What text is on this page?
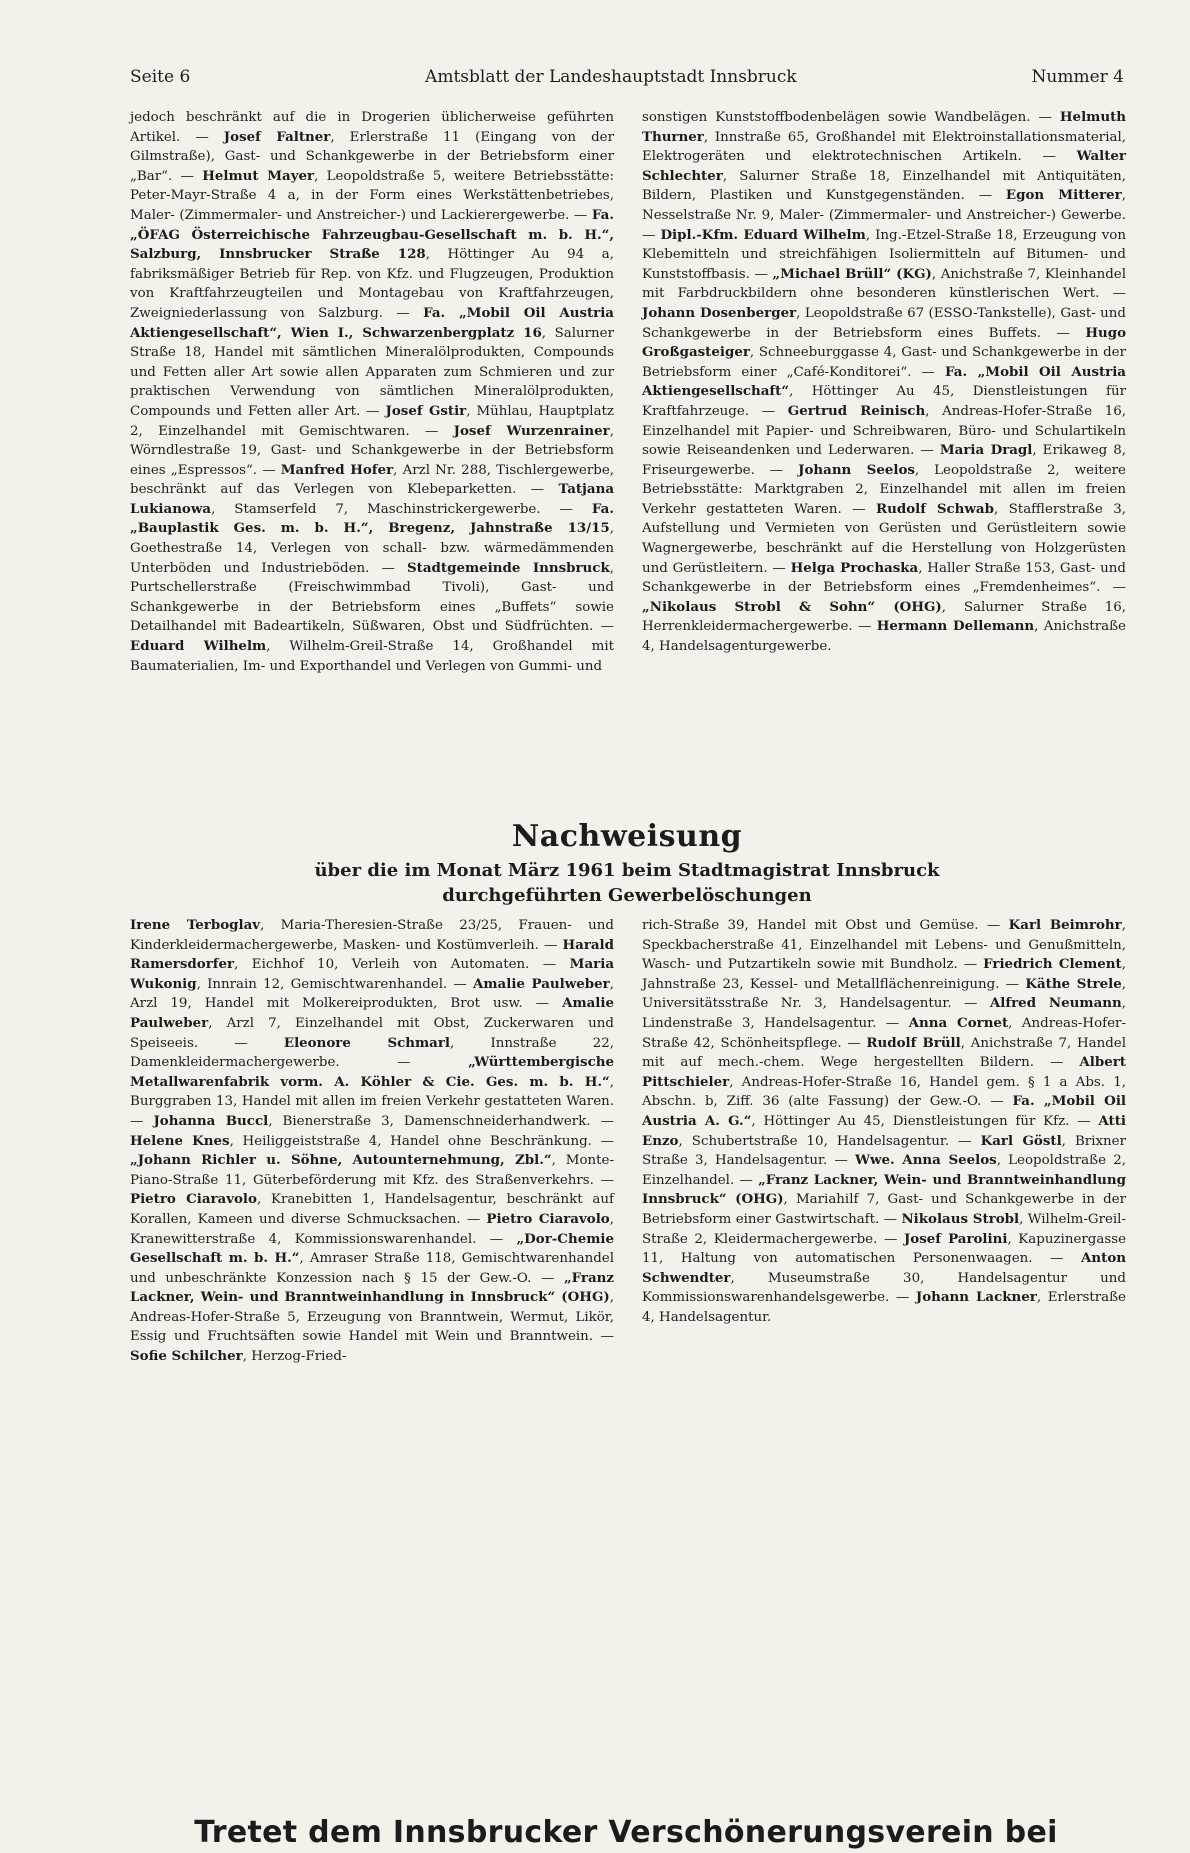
Seite 6	Amtsblatt der Landeshauptstadt Innsbruck	Nummer 4

jedoch beschränkt auf die in Drogerien üblicherweise geführten Artikel. — Josef Faltner, Erlerstraße 11 (Eingang von der Gilmstraße), Gast- und Schankgewerbe in der Betriebsform einer „Bar“. — Helmut Mayer, Leopoldstraße 5, weitere Betriebsstätte: Peter-Mayr-Straße 4 a, in der Form eines Werkstättenbetriebes, Maler- (Zimmermaler- und Anstreicher-) und Lackierergewerbe. — Fa. „ÖFAG Österreichische Fahrzeugbau-Gesellschaft m. b. H.“, Salzburg, Innsbrucker Straße 128, Höttinger Au 94 a, fabriksmäßiger Betrieb für Rep. von Kfz. und Flugzeugen, Produktion von Kraftfahrzeugteilen und Montagebau von Kraftfahrzeugen, Zweigniederlassung von Salzburg. — Fa. „Mobil Oil Austria Aktiengesellschaft“, Wien I., Schwarzenbergplatz 16, Salurner Straße 18, Handel mit sämtlichen Mineralölprodukten, Compounds und Fetten aller Art sowie allen Apparaten zum Schmieren und zur praktischen Verwendung von sämtlichen Mineralölprodukten, Compounds und Fetten aller Art. — Josef Gstir, Mühlau, Hauptplatz 2, Einzelhandel mit Gemischtwaren. — Josef Wurzenrainer, Wörndlestraße 19, Gast- und Schankgewerbe in der Betriebsform eines „Espressos“. — Manfred Hofer, Arzl Nr. 288, Tischlergewerbe, beschränkt auf das Verlegen von Klebeparketten. — Tatjana Lukianowa, Stamserfeld 7, Maschinstrickergewerbe. — Fa. „Bauplastik Ges. m. b. H.“, Bregenz, Jahnstraße 13/15, Goethestraße 14, Verlegen von schall- bzw. wärmedämmenden Unterböden und Industrieböden. — Stadtgemeinde Innsbruck, Purtschellerstraße (Freischwimmbad Tivoli), Gast- und Schankgewerbe in der Betriebsform eines „Buffets“ sowie Detailhandel mit Badeartikeln, Süßwaren, Obst und Südfrüchten. — Eduard Wilhelm, Wilhelm-Greil-Straße 14, Großhandel mit Baumaterialien, Im- und Exporthandel und Verlegen von Gummi- und

sonstigen Kunststoffbodenbelägen sowie Wandbelägen. — Helmuth Thurner, Innstraße 65, Großhandel mit Elektroinstallationsmaterial, Elektrogeräten und elektrotechnischen Artikeln. — Walter Schlechter, Salurner Straße 18, Einzelhandel mit Antiquitäten, Bildern, Plastiken und Kunstgegenständen. — Egon Mitterer, Nesselstraße Nr. 9, Maler- (Zimmermaler- und Anstreicher-) Gewerbe. — Dipl.-Kfm. Eduard Wilhelm, Ing.-Etzel-Straße 18, Erzeugung von Klebemitteln und streichfähigen Isoliermitteln auf Bitumen- und Kunststoffbasis. — „Michael Brüll“ (KG), Anichstraße 7, Kleinhandel mit Farbdruckbildern ohne besonderen künstlerischen Wert. — Johann Dosenberger, Leopoldstraße 67 (ESSO-Tankstelle), Gast- und Schankgewerbe in der Betriebsform eines Buffets. — Hugo Großgasteiger, Schneeburggasse 4, Gast- und Schankgewerbe in der Betriebsform einer „Café-Konditorei“. — Fa. „Mobil Oil Austria Aktiengesellschaft“, Höttinger Au 45, Dienstleistungen für Kraftfahrzeuge. — Gertrud Reinisch, Andreas-Hofer-Straße 16, Einzelhandel mit Papier- und Schreibwaren, Büro- und Schulartikeln sowie Reiseandenken und Lederwaren. — Maria Dragl, Erikaweg 8, Friseurgewerbe. — Johann Seelos, Leopoldstraße 2, weitere Betriebsstätte: Marktgraben 2, Einzelhandel mit allen im freien Verkehr gestatteten Waren. — Rudolf Schwab, Stafflerstraße 3, Aufstellung und Vermieten von Gerüsten und Gerüstleitern sowie Wagnergewerbe, beschränkt auf die Herstellung von Holzgerüsten und Gerüstleitern. — Helga Prochaska, Haller Straße 153, Gast- und Schankgewerbe in der Betriebsform eines „Fremdenheimes“. — „Nikolaus Strobl & Sohn“ (OHG), Salurner Straße 16, Herrenkleidermachergewerbe. — Hermann Dellemann, Anichstraße 4, Handelsagenturgewerbe.

Nachweisung
über die im Monat März 1961 beim Stadtmagistrat Innsbruck
durchgeführten Gewerbelöschungen

Irene Terboglav, Maria-Theresien-Straße 23/25, Frauen- und Kinderkleidermachergewerbe, Masken- und Kostümverleih. — Harald Ramersdorfer, Eichhof 10, Verleih von Automaten. — Maria Wukonig, Innrain 12, Gemischtwarenhandel. — Amalie Paulweber, Arzl 19, Handel mit Molkereiprodukten, Brot usw. — Amalie Paulweber, Arzl 7, Einzelhandel mit Obst, Zuckerwaren und Speiseeis. — Eleonore Schmarl, Innstraße 22, Damenkleidermachergewerbe. — „Württembergische Metallwarenfabrik vorm. A. Köhler & Cie. Ges. m. b. H.“, Burggraben 13, Handel mit allen im freien Verkehr gestatteten Waren. — Johanna Buccl, Bienerstraße 3, Damenschneiderhandwerk. — Helene Knes, Heiliggeiststraße 4, Handel ohne Beschränkung. — „Johann Richler u. Söhne, Autounternehmung, Zbl.“, Monte-Piano-Straße 11, Güterbeförderung mit Kfz. des Straßenverkehrs. — Pietro Ciaravolo, Kranebitten 1, Handelsagentur, beschränkt auf Korallen, Kameen und diverse Schmucksachen. — Pietro Ciaravolo, Kranewitterstraße 4, Kommissionswarenhandel. — „Dor-Chemie Gesellschaft m. b. H.“, Amraser Straße 118, Gemischtwarenhandel und unbeschränkte Konzession nach § 15 der Gew.-O. — „Franz Lackner, Wein- und Branntweinhandlung in Innsbruck“ (OHG), Andreas-Hofer-Straße 5, Erzeugung von Branntwein, Wermut, Likör, Essig und Fruchtsäften sowie Handel mit Wein und Branntwein. — Sofie Schilcher, Herzog-Fried-

rich-Straße 39, Handel mit Obst und Gemüse. — Karl Beimrohr, Speckbacherstraße 41, Einzelhandel mit Lebens- und Genußmitteln, Wasch- und Putzartikeln sowie mit Bundholz. — Friedrich Clement, Jahnstraße 23, Kessel- und Metallflächenreinigung. — Käthe Strele, Universitätsstraße Nr. 3, Handelsagentur. — Alfred Neumann, Lindenstraße 3, Handelsagentur. — Anna Cornet, Andreas-Hofer-Straße 42, Schönheitspflege. — Rudolf Brüll, Anichstraße 7, Handel mit auf mech.-chem. Wege hergestellten Bildern. — Albert Pittschieler, Andreas-Hofer-Straße 16, Handel gem. § 1 a Abs. 1, Abschn. b, Ziff. 36 (alte Fassung) der Gew.-O. — Fa. „Mobil Oil Austria A. G.“, Höttinger Au 45, Dienstleistungen für Kfz. — Atti Enzo, Schubertstraße 10, Handelsagentur. — Karl Göstl, Brixner Straße 3, Handelsagentur. — Wwe. Anna Seelos, Leopoldstraße 2, Einzelhandel. — „Franz Lackner, Wein- und Branntweinhandlung Innsbruck“ (OHG), Mariahilf 7, Gast- und Schankgewerbe in der Betriebsform einer Gastwirtschaft. — Nikolaus Strobl, Wilhelm-Greil-Straße 2, Kleidermachergewerbe. — Josef Parolini, Kapuzinergasse 11, Haltung von automatischen Personenwaagen. — Anton Schwendter, Museumstraße 30, Handelsagentur und Kommissionswarenhandelsgewerbe. — Johann Lackner, Erlerstraße 4, Handelsagentur.

Tretet dem Innsbrucker Verschönerungsverein bei
